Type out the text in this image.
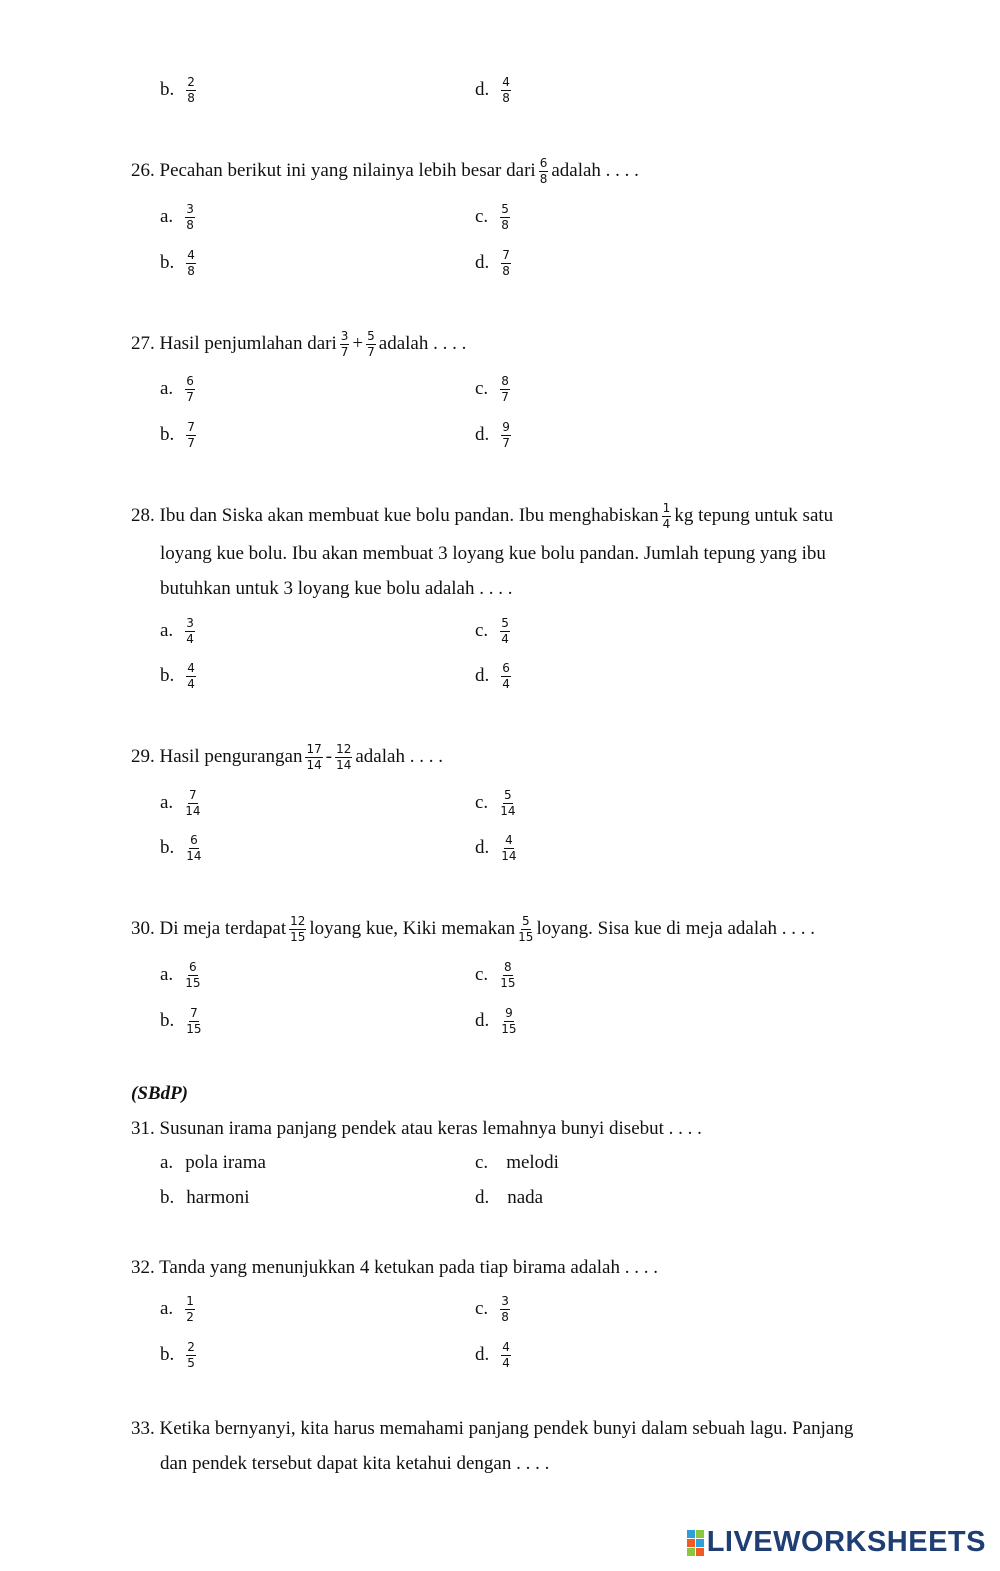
b. $\frac{2}{8}$	d. $\frac{4}{8}$
26. Pecahan berikut ini yang nilainya lebih besar dari $\frac{6}{8}$ adalah . . . .
a. $\frac{3}{8}$	c. $\frac{5}{8}$
b. $\frac{4}{8}$	d. $\frac{7}{8}$
27. Hasil penjumlahan dari $\frac{3}{7} + \frac{5}{7}$ adalah . . . .
a. $\frac{6}{7}$	c. $\frac{8}{7}$
b. $\frac{7}{7}$	d. $\frac{9}{7}$
28. Ibu dan Siska akan membuat kue bolu pandan. Ibu menghabiskan $\frac{1}{4}$ kg tepung untuk satu
loyang kue bolu. Ibu akan membuat 3 loyang kue bolu pandan. Jumlah tepung yang ibu
butuhkan untuk 3 loyang kue bolu adalah . . . .
a. $\frac{3}{4}$	c. $\frac{5}{4}$
b. $\frac{4}{4}$	d. $\frac{6}{4}$
29. Hasil pengurangan $\frac{17}{14} - \frac{12}{14}$ adalah . . . .
a. $\frac{7}{14}$	c. $\frac{5}{14}$
b. $\frac{6}{14}$	d. $\frac{4}{14}$
30. Di meja terdapat $\frac{12}{15}$ loyang kue, Kiki memakan $\frac{5}{15}$ loyang. Sisa kue di meja adalah . . . .
a. $\frac{6}{15}$	c. $\frac{8}{15}$
b. $\frac{7}{15}$	d. $\frac{9}{15}$
(SBdP)
31. Susunan irama panjang pendek atau keras lemahnya bunyi disebut . . . .
a. pola irama	c. melodi
b. harmoni	d. nada
32. Tanda yang menunjukkan 4 ketukan pada tiap birama adalah . . . .
a. $\frac{1}{2}$	c. $\frac{3}{8}$
b. $\frac{2}{5}$	d. $\frac{4}{4}$
33. Ketika bernyanyi, kita harus memahami panjang pendek bunyi dalam sebuah lagu. Panjang
dan pendek tersebut dapat kita ketahui dengan . . . .
LIVEWORKSHEETS
